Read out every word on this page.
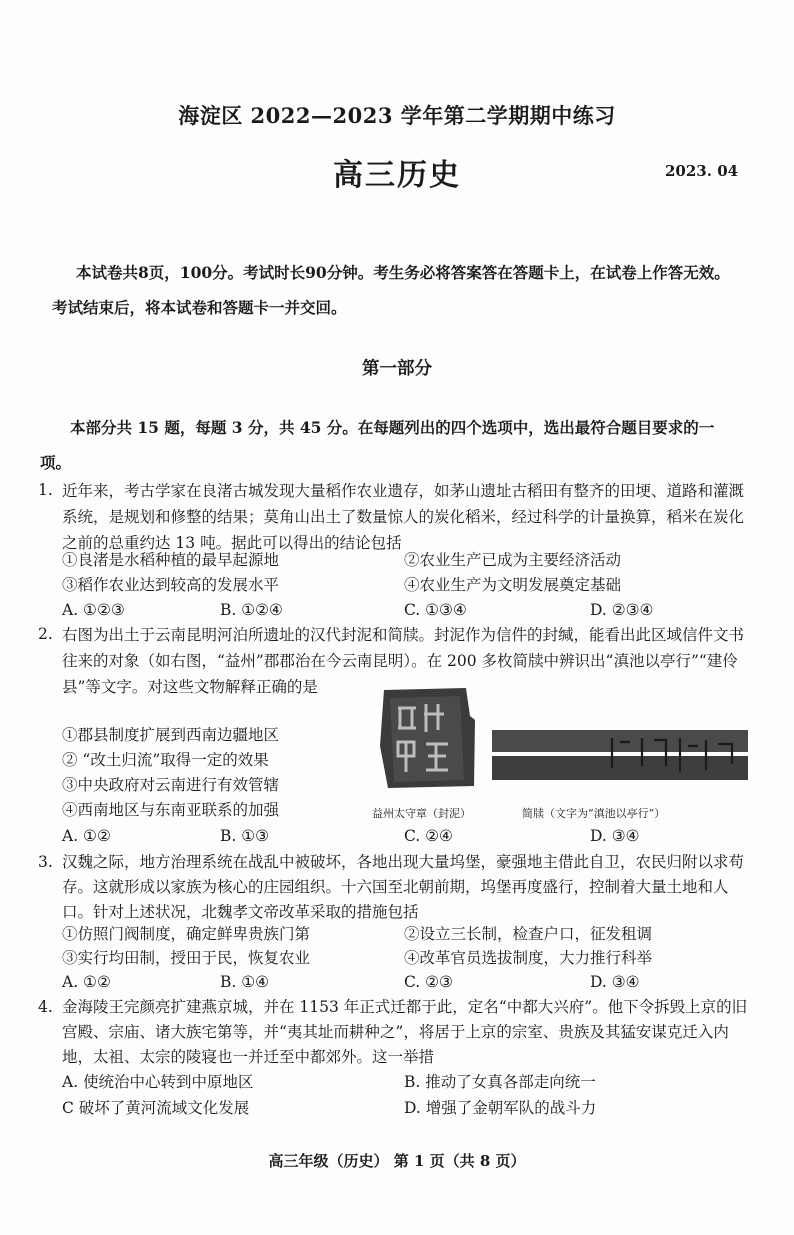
海淀区 2022—2023 学年第二学期期中练习
高三历史	2023. 04
本试卷共8页，100分。考试时长90分钟。考生务必将答案答在答题卡上，在试卷上作答无效。考试结束后，将本试卷和答题卡一并交回。
第一部分
本部分共 15 题，每题 3 分，共 45 分。在每题列出的四个选项中，选出最符合题目要求的一项。
1. 近年来，考古学家在良渚古城发现大量稻作农业遗存，如茅山遗址古稻田有整齐的田埂、道路和灌溉系统，是规划和修整的结果；莫角山出土了数量惊人的炭化稻米，经过科学的计量换算，稻米在炭化之前的总重约达 13 吨。据此可以得出的结论包括
①良渚是水稻种植的最早起源地	②农业生产已成为主要经济活动
③稻作农业达到较高的发展水平	④农业生产为文明发展奠定基础
A. ①②③	B. ①②④	C. ①③④	D. ②③④
2. 右图为出土于云南昆明河泊所遗址的汉代封泥和简牍。封泥作为信件的封缄，能看出此区域信件文书往来的对象（如右图，“益州”郡郡治在今云南昆明）。在 200 多枚简牍中辨识出“滇池以亭行”“建伶县”等文字。对这些文物解释正确的是
①郡县制度扩展到西南边疆地区
② “改土归流”取得一定的效果
③中央政府对云南进行有效管辖
④西南地区与东南亚联系的加强	益州太守章（封泥）	简牍（文字为“滇池以亭行”）
A. ①②	B. ①③	C. ②④	D. ③④
3. 汉魏之际，地方治理系统在战乱中被破坏，各地出现大量坞堡，豪强地主借此自卫，农民归附以求苟存。这就形成以家族为核心的庄园组织。十六国至北朝前期，坞堡再度盛行，控制着大量土地和人口。针对上述状况，北魏孝文帝改革采取的措施包括
①仿照门阀制度，确定鲜卑贵族门第	②设立三长制，检查户口，征发租调
③实行均田制，授田于民，恢复农业	④改革官员选拔制度，大力推行科举
A. ①②	B. ①④	C. ②③	D. ③④
4. 金海陵王完颜亮扩建燕京城，并在 1153 年正式迁都于此，定名“中都大兴府”。他下令拆毁上京的旧宫殿、宗庙、诸大族宅第等，并“夷其址而耕种之”，将居于上京的宗室、贵族及其猛安谋克迁入内地，太祖、太宗的陵寝也一并迁至中都郊外。这一举措
A. 使统治中心转到中原地区	B. 推动了女真各部走向统一
C 破坏了黄河流域文化发展	D. 增强了金朝军队的战斗力
高三年级（历史） 第 1 页（共 8 页）
